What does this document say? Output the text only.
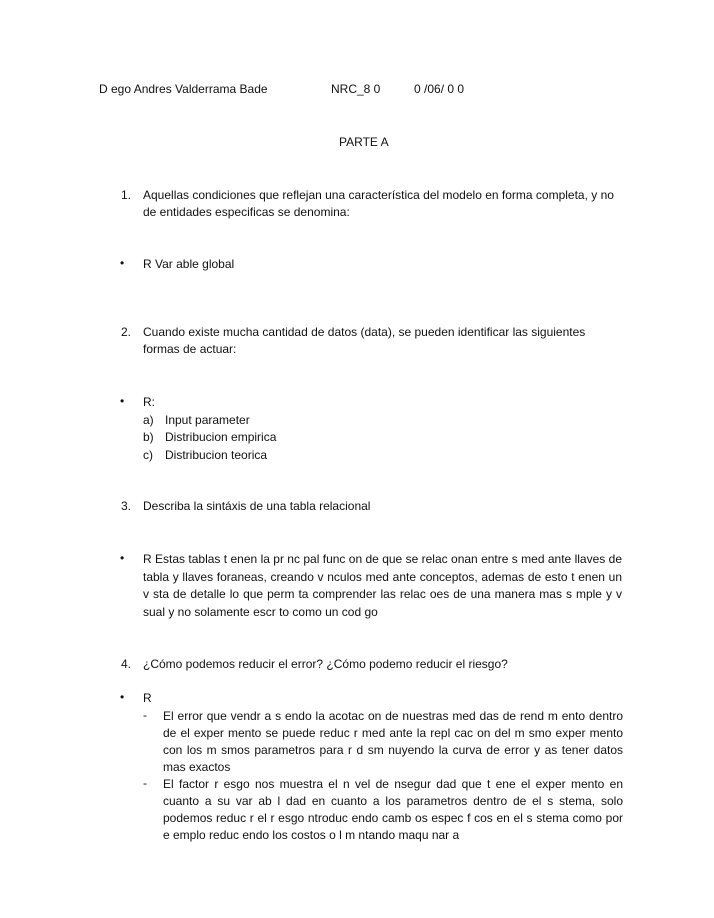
D ego Andres Valderrama Bade	NRC_8 0	0 /06/ 0 0
PARTE A
1. Aquellas condiciones que reflejan una característica del modelo en forma completa, y no de entidades especificas se denomina:
• R Var able global
2. Cuando existe mucha cantidad de datos (data), se pueden identificar las siguientes formas de actuar:
• R:
a) Input parameter
b) Distribucion empirica
c) Distribucion teorica
3. Describa la sintáxis de una tabla relacional
• R Estas tablas t enen la pr nc pal func on de que se relac onan entre s med ante llaves de tabla y llaves foraneas, creando v nculos med ante conceptos, ademas de esto t enen un v sta de detalle lo que perm ta comprender las relac oes de una manera mas s mple y v sual y no solamente escr to como un cod go
4. ¿Cómo podemos reducir el error? ¿Cómo podemo reducir el riesgo?
• R
- El error que vendr a s endo la acotac on de nuestras med das de rend m ento dentro de el exper mento se puede reduc r med ante la repl cac on del m smo exper mento con los m smos parametros para r d sm nuyendo la curva de error y as tener datos mas exactos
- El factor r esgo nos muestra el n vel de nsegur dad que t ene el exper mento en cuanto a su var ab l dad en cuanto a los parametros dentro de el s stema, solo podemos reduc r el r esgo ntroduc endo camb os espec f cos en el s stema como por e emplo reduc endo los costos o l m ntando maqu nar a
